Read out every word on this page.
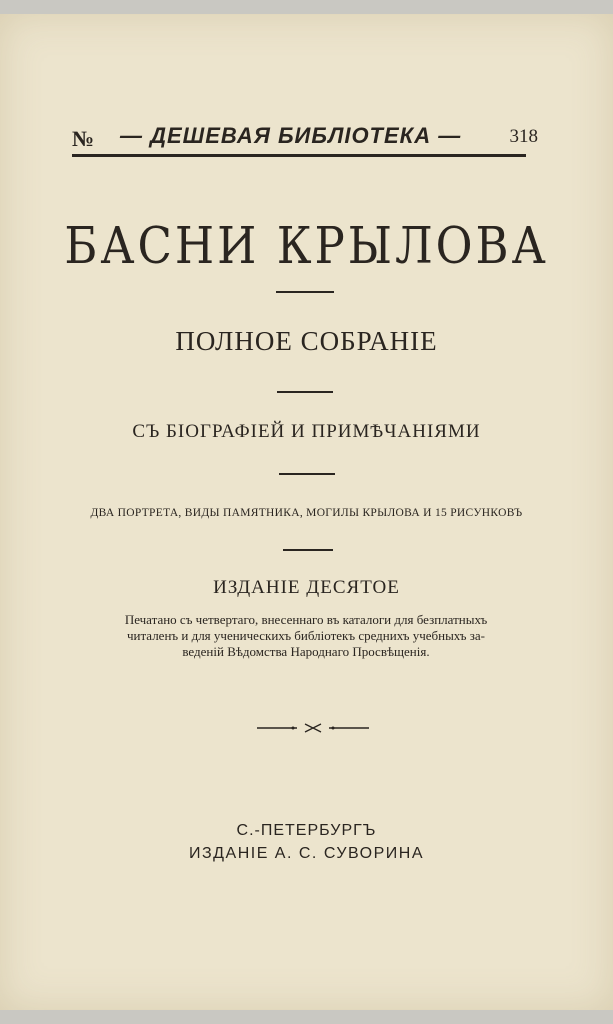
№ — ДЕШЕВАЯ БИБЛІОТЕКА —	318
БАСНИ КРЫЛОВА
ПОЛНОЕ СОБРАНІЕ
СЪ БІОГРАФІЕЙ И ПРИМѢЧАНІЯМИ
ДВА ПОРТРЕТА, ВИДЫ ПАМЯТНИКА, МОГИЛЫ КРЫЛОВА И 15 РИСУНКОВЪ
ИЗДАНІЕ ДЕСЯТОЕ
Печатано съ четвертаго, внесеннаго въ каталоги для безплатныхъ
читаленъ и для ученическихъ библіотекъ среднихъ учебныхъ за-
веденій Вѣдомства Народнаго Просвѣщенія.
С.-ПЕТЕРБУРГЪ
ИЗДАНІЕ А. С. СУВОРИНА
